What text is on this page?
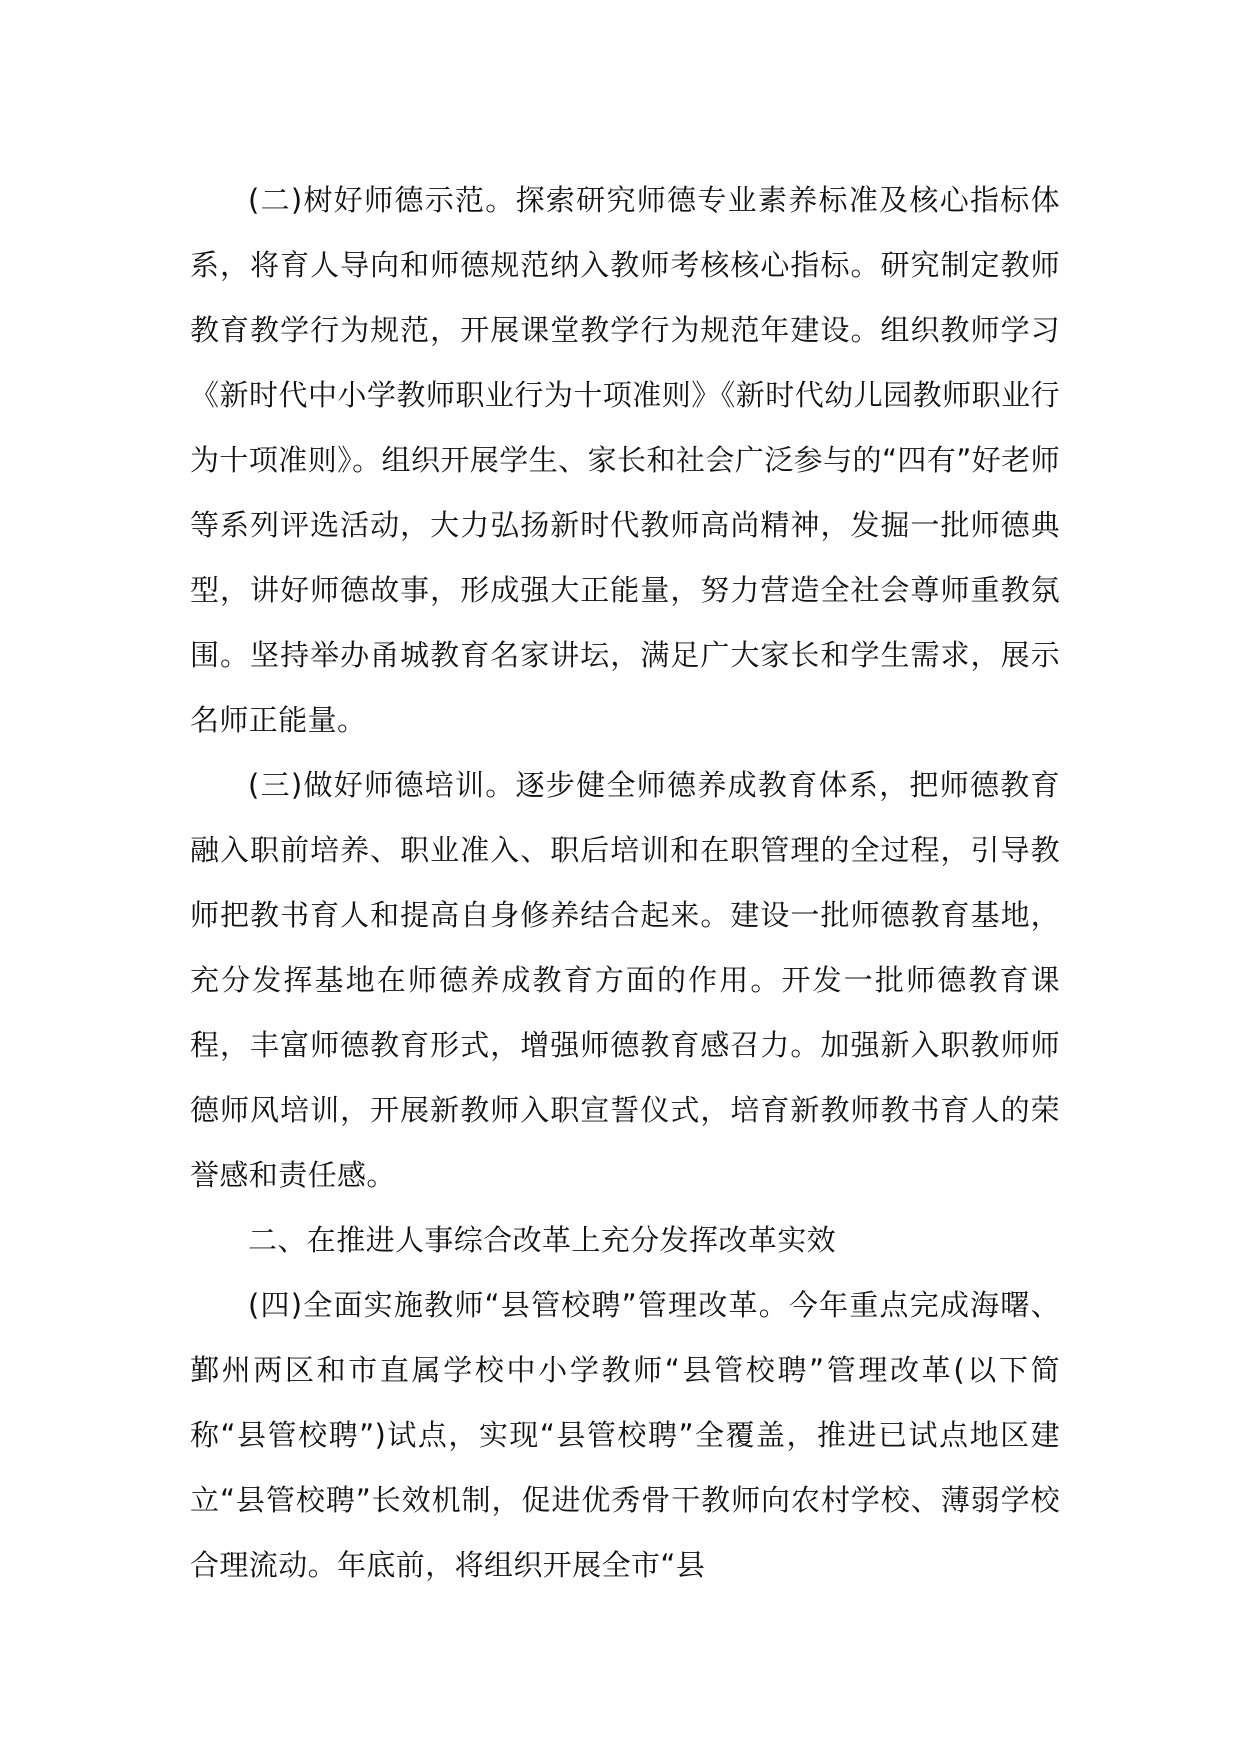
(二)树好师德示范。探索研究师德专业素养标准及核心指标体系，将育人导向和师德规范纳入教师考核核心指标。研究制定教师教育教学行为规范，开展课堂教学行为规范年建设。组织教师学习《新时代中小学教师职业行为十项准则》《新时代幼儿园教师职业行为十项准则》。组织开展学生、家长和社会广泛参与的“四有”好老师等系列评选活动，大力弘扬新时代教师高尚精神，发掘一批师德典型，讲好师德故事，形成强大正能量，努力营造全社会尊师重教氛围。坚持举办甬城教育名家讲坛，满足广大家长和学生需求，展示名师正能量。

(三)做好师德培训。逐步健全师德养成教育体系，把师德教育融入职前培养、职业准入、职后培训和在职管理的全过程，引导教师把教书育人和提高自身修养结合起来。建设一批师德教育基地，充分发挥基地在师德养成教育方面的作用。开发一批师德教育课程，丰富师德教育形式，增强师德教育感召力。加强新入职教师师德师风培训，开展新教师入职宣誓仪式，培育新教师教书育人的荣誉感和责任感。

二、在推进人事综合改革上充分发挥改革实效

(四)全面实施教师“县管校聘”管理改革。今年重点完成海曙、鄞州两区和市直属学校中小学教师“县管校聘”管理改革(以下简称“县管校聘”)试点，实现“县管校聘”全覆盖，推进已试点地区建立“县管校聘”长效机制，促进优秀骨干教师向农村学校、薄弱学校合理流动。年底前，将组织开展全市“县
